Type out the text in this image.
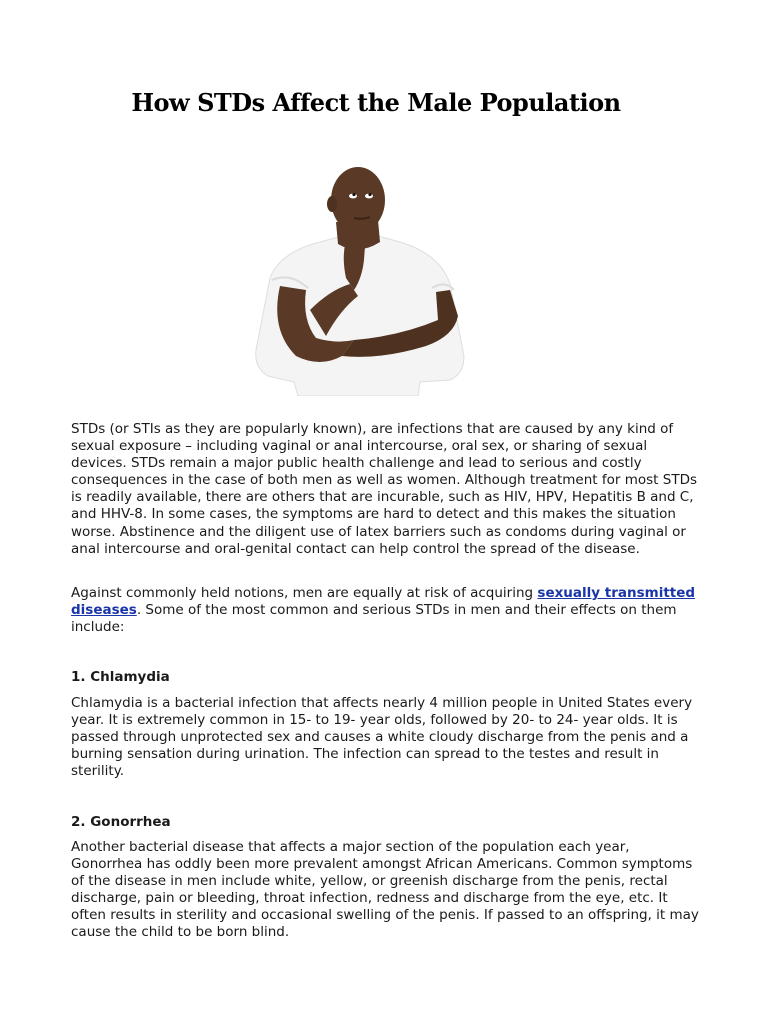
How STDs Affect the Male Population

STDs (or STIs as they are popularly known), are infections that are caused by any kind of sexual exposure – including vaginal or anal intercourse, oral sex, or sharing of sexual devices. STDs remain a major public health challenge and lead to serious and costly consequences in the case of both men as well as women. Although treatment for most STDs is readily available, there are others that are incurable, such as HIV, HPV, Hepatitis B and C, and HHV-8. In some cases, the symptoms are hard to detect and this makes the situation worse. Abstinence and the diligent use of latex barriers such as condoms during vaginal or anal intercourse and oral-genital contact can help control the spread of the disease.

Against commonly held notions, men are equally at risk of acquiring sexually transmitted diseases. Some of the most common and serious STDs in men and their effects on them include:

1. Chlamydia

Chlamydia is a bacterial infection that affects nearly 4 million people in United States every year. It is extremely common in 15- to 19- year olds, followed by 20- to 24- year olds. It is passed through unprotected sex and causes a white cloudy discharge from the penis and a burning sensation during urination. The infection can spread to the testes and result in sterility.

2. Gonorrhea

Another bacterial disease that affects a major section of the population each year, Gonorrhea has oddly been more prevalent amongst African Americans. Common symptoms of the disease in men include white, yellow, or greenish discharge from the penis, rectal discharge, pain or bleeding, throat infection, redness and discharge from the eye, etc. It often results in sterility and occasional swelling of the penis. If passed to an offspring, it may cause the child to be born blind.
